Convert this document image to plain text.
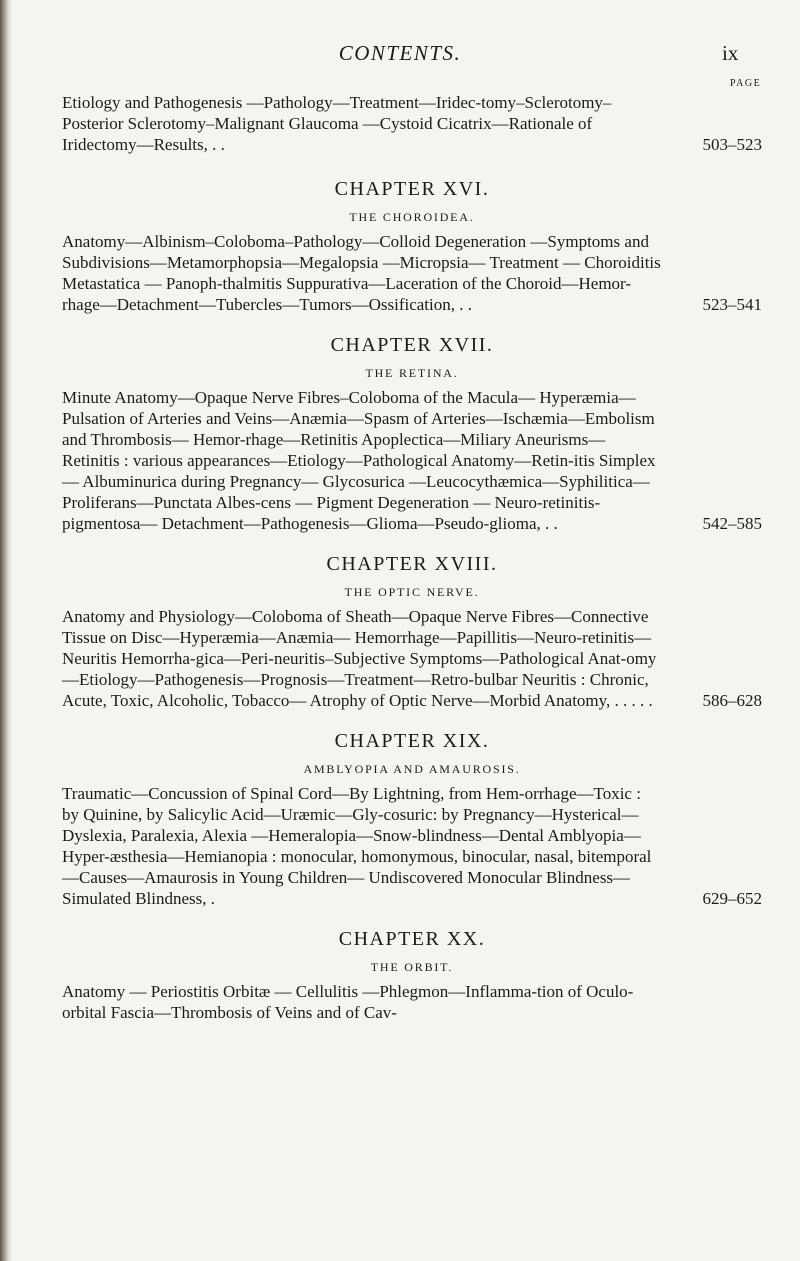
CONTENTS.	ix
PAGE
Etiology and Pathogenesis —Pathology—Treatment—Iridec-tomy–Sclerotomy–Posterior Sclerotomy–Malignant Glaucoma —Cystoid Cicatrix—Rationale of Iridectomy—Results, . .	503–523
CHAPTER XVI.
THE CHOROIDEA.
Anatomy—Albinism–Coloboma–Pathology—Colloid Degeneration —Symptoms and Subdivisions—Metamorphopsia—Megalopsia —Micropsia— Treatment — Choroiditis Metastatica — Panoph-thalmitis Suppurativa—Laceration of the Choroid—Hemor-rhage—Detachment—Tubercles—Tumors—Ossification, . .	523–541
CHAPTER XVII.
THE RETINA.
Minute Anatomy—Opaque Nerve Fibres–Coloboma of the Macula— Hyperæmia—Pulsation of Arteries and Veins—Anæmia—Spasm of Arteries—Ischæmia—Embolism and Thrombosis— Hemor-rhage—Retinitis Apoplectica—Miliary Aneurisms—Retinitis : various appearances—Etiology—Pathological Anatomy—Retin-itis Simplex — Albuminurica during Pregnancy— Glycosurica —Leucocythæmica—Syphilitica—Proliferans—Punctata Albes-cens — Pigment Degeneration — Neuro-retinitis-pigmentosa— Detachment—Pathogenesis—Glioma—Pseudo-glioma, . .	542–585
CHAPTER XVIII.
THE OPTIC NERVE.
Anatomy and Physiology—Coloboma of Sheath—Opaque Nerve Fibres—Connective Tissue on Disc—Hyperæmia—Anæmia— Hemorrhage—Papillitis—Neuro-retinitis—Neuritis Hemorrha-gica—Peri-neuritis–Subjective Symptoms—Pathological Anat-omy—Etiology—Pathogenesis—Prognosis—Treatment—Retro-bulbar Neuritis : Chronic, Acute, Toxic, Alcoholic, Tobacco— Atrophy of Optic Nerve—Morbid Anatomy, . . . . .	586–628
CHAPTER XIX.
AMBLYOPIA AND AMAUROSIS.
Traumatic—Concussion of Spinal Cord—By Lightning, from Hem-orrhage—Toxic : by Quinine, by Salicylic Acid—Uræmic—Gly-cosuric: by Pregnancy—Hysterical—Dyslexia, Paralexia, Alexia —Hemeralopia—Snow-blindness—Dental Amblyopia—Hyper-æsthesia—Hemianopia : monocular, homonymous, binocular, nasal, bitemporal—Causes—Amaurosis in Young Children— Undiscovered Monocular Blindness—Simulated Blindness, .	629–652
CHAPTER XX.
THE ORBIT.
Anatomy — Periostitis Orbitæ — Cellulitis —Phlegmon—Inflamma-tion of Oculo-orbital Fascia—Thrombosis of Veins and of Cav-
